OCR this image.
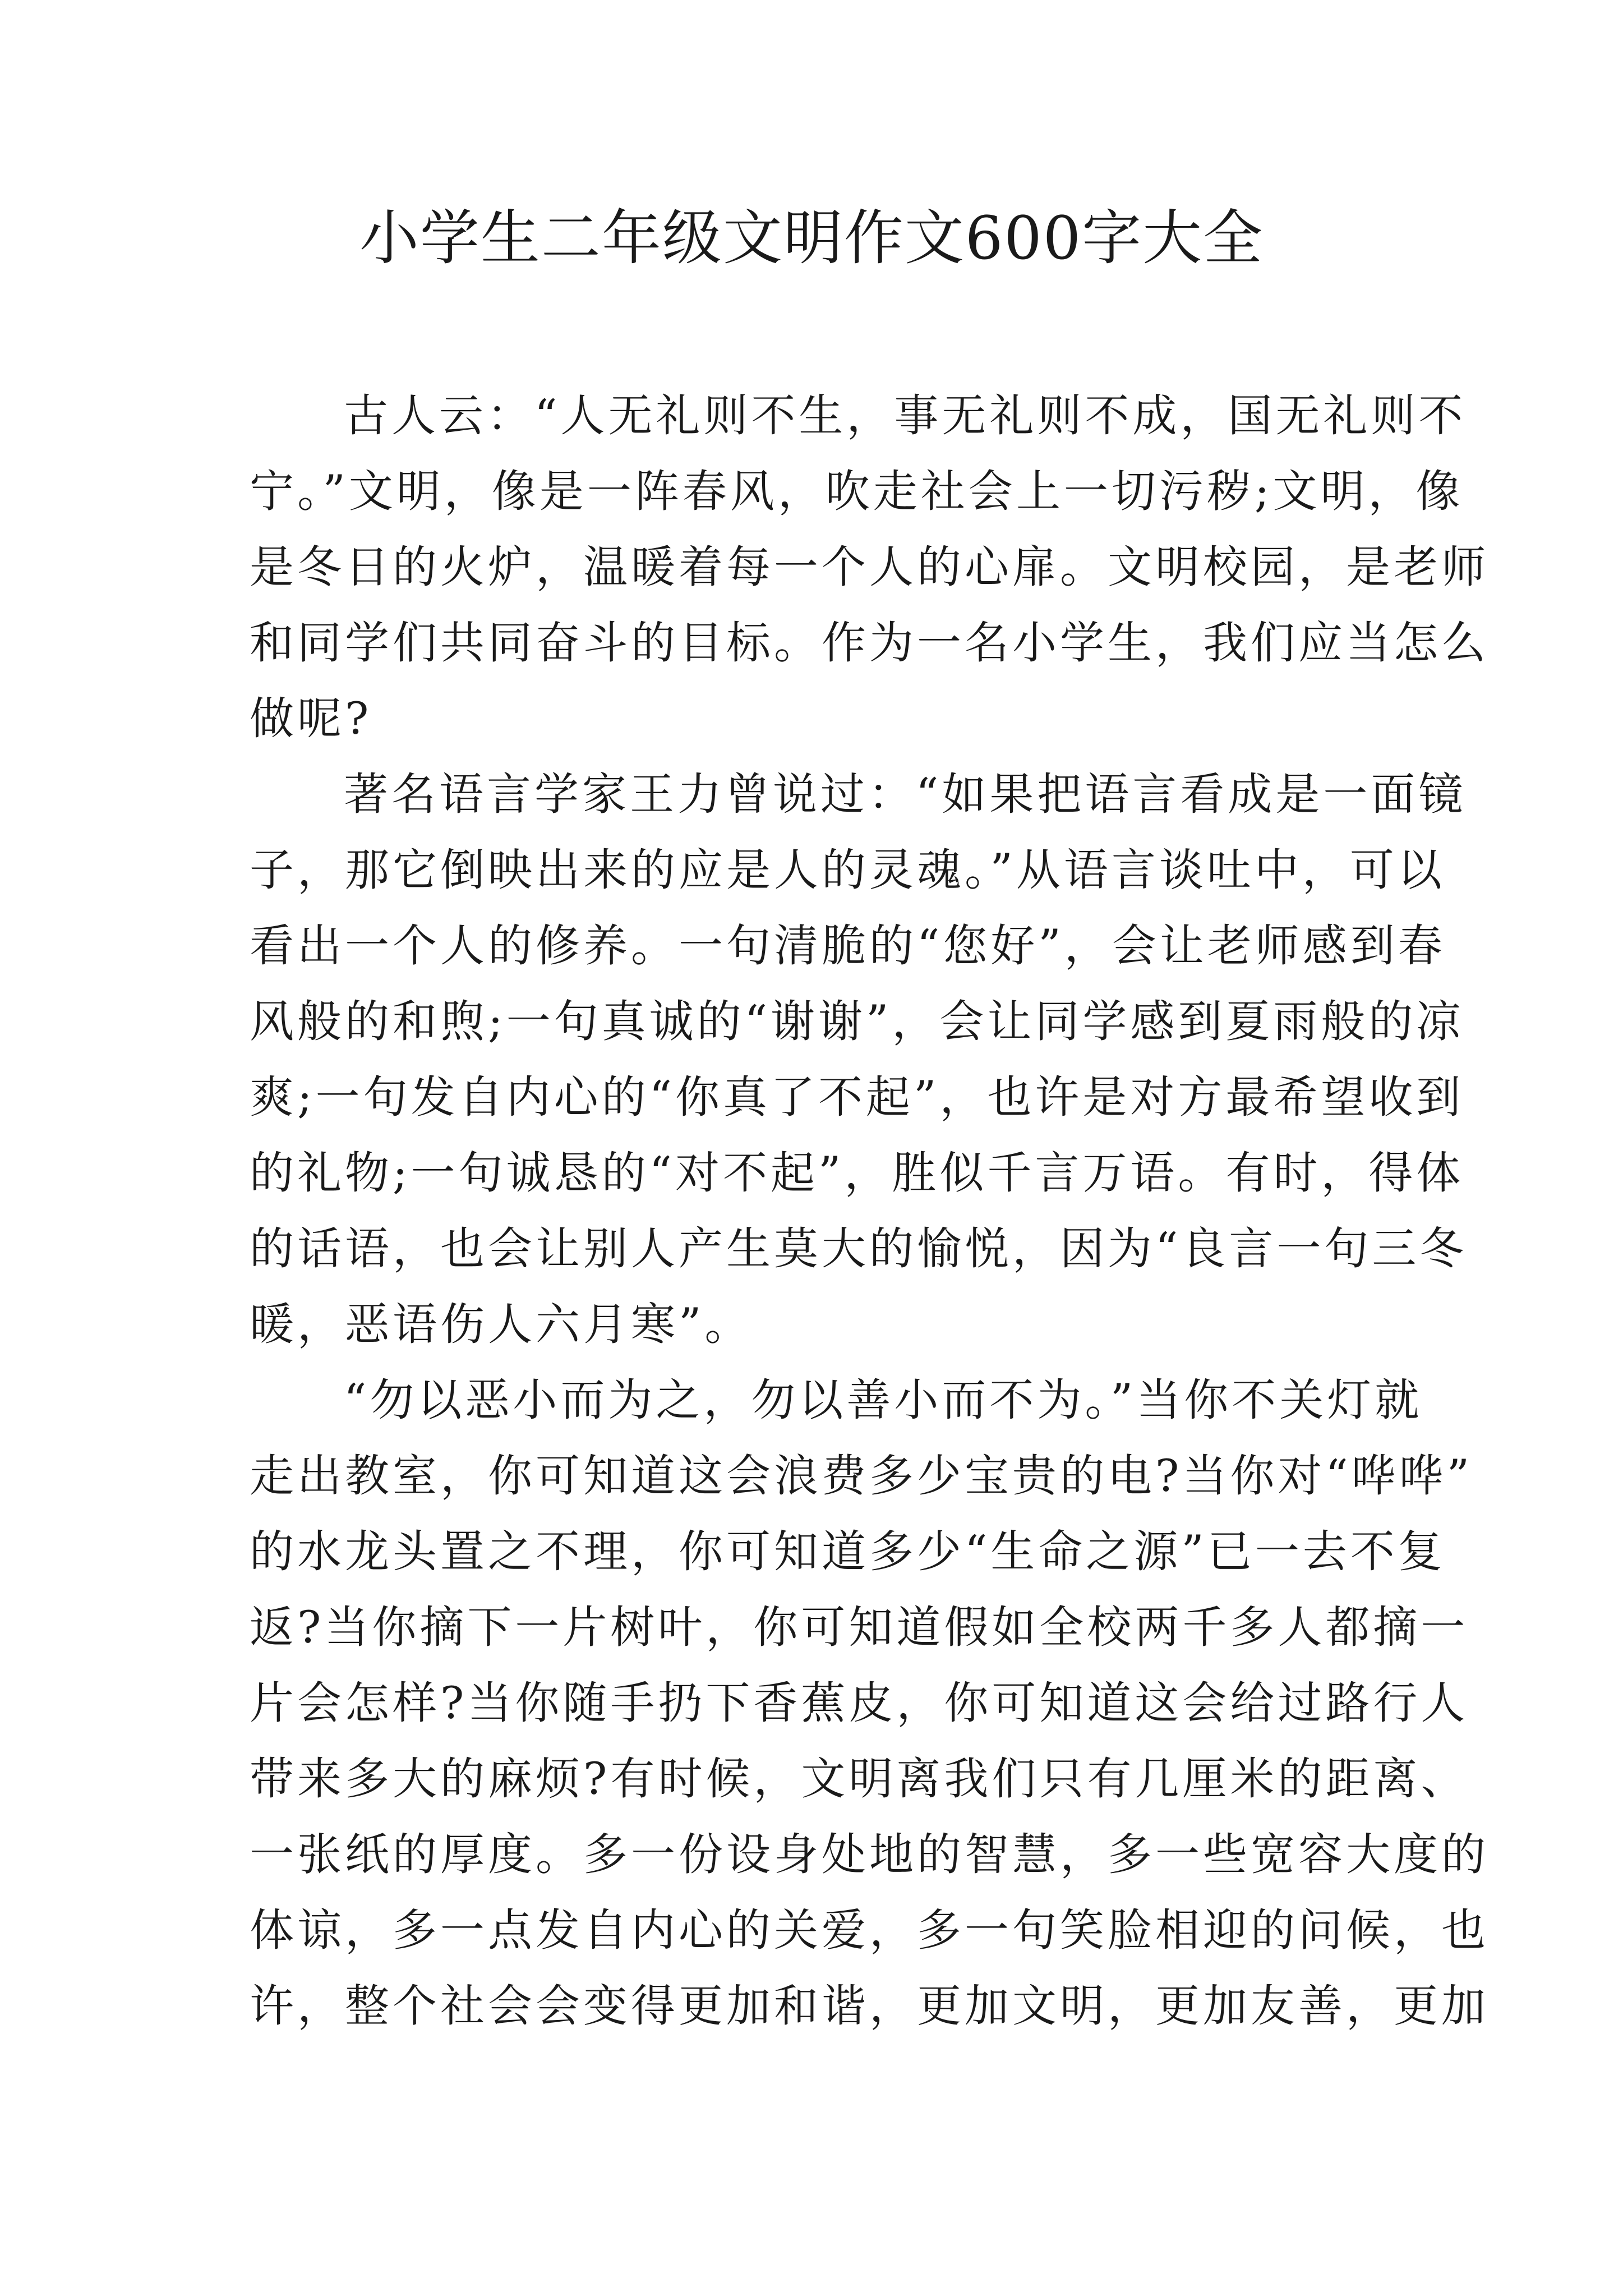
小学生二年级文明作文600字大全
古人云：“人无礼则不生，事无礼则不成，国无礼则不
宁。”文明，像是一阵春风，吹走社会上一切污秽;文明，像
是冬日的火炉，温暖着每一个人的心扉。文明校园，是老师
和同学们共同奋斗的目标。作为一名小学生，我们应当怎么
做呢?
著名语言学家王力曾说过：“如果把语言看成是一面镜
子，那它倒映出来的应是人的灵魂。”从语言谈吐中，可以
看出一个人的修养。一句清脆的“您好”，会让老师感到春
风般的和煦;一句真诚的“谢谢”，会让同学感到夏雨般的凉
爽;一句发自内心的“你真了不起”，也许是对方最希望收到
的礼物;一句诚恳的“对不起”，胜似千言万语。有时，得体
的话语，也会让别人产生莫大的愉悦，因为“良言一句三冬
暖，恶语伤人六月寒”。
“勿以恶小而为之，勿以善小而不为。”当你不关灯就
走出教室，你可知道这会浪费多少宝贵的电?当你对“哗哗”
的水龙头置之不理，你可知道多少“生命之源”已一去不复
返?当你摘下一片树叶，你可知道假如全校两千多人都摘一
片会怎样?当你随手扔下香蕉皮，你可知道这会给过路行人
带来多大的麻烦?有时候，文明离我们只有几厘米的距离、
一张纸的厚度。多一份设身处地的智慧，多一些宽容大度的
体谅，多一点发自内心的关爱，多一句笑脸相迎的问候，也
许，整个社会会变得更加和谐，更加文明，更加友善，更加
